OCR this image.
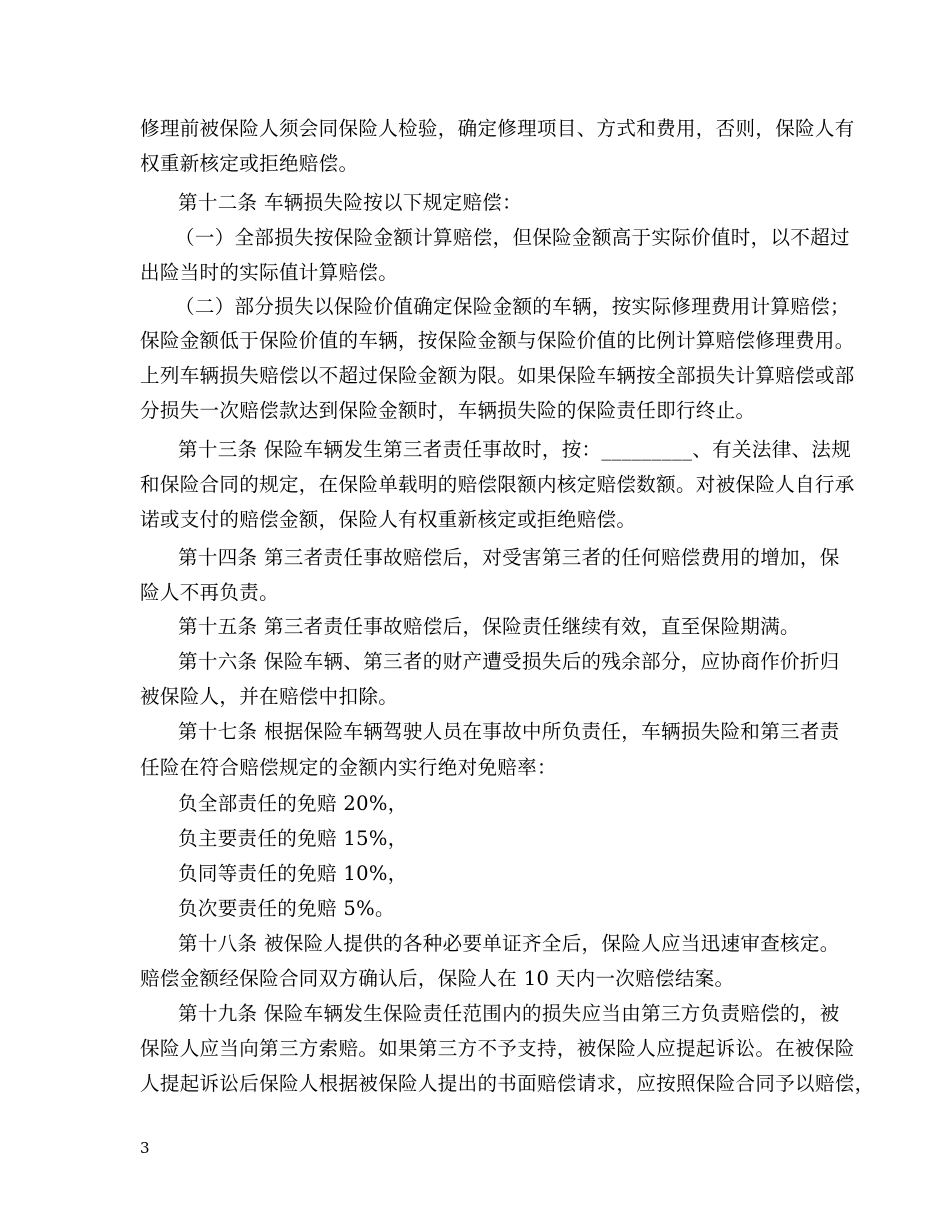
修理前被保险人须会同保险人检验，确定修理项目、方式和费用，否则，保险人有
权重新核定或拒绝赔偿。
第十二条 车辆损失险按以下规定赔偿：
（一）全部损失按保险金额计算赔偿，但保险金额高于实际价值时，以不超过
出险当时的实际值计算赔偿。
（二）部分损失以保险价值确定保险金额的车辆，按实际修理费用计算赔偿；
保险金额低于保险价值的车辆，按保险金额与保险价值的比例计算赔偿修理费用。
上列车辆损失赔偿以不超过保险金额为限。如果保险车辆按全部损失计算赔偿或部
分损失一次赔偿款达到保险金额时，车辆损失险的保险责任即行终止。
第十三条 保险车辆发生第三者责任事故时，按：_________、有关法律、法规
和保险合同的规定，在保险单载明的赔偿限额内核定赔偿数额。对被保险人自行承
诺或支付的赔偿金额，保险人有权重新核定或拒绝赔偿。
第十四条 第三者责任事故赔偿后，对受害第三者的任何赔偿费用的增加，保
险人不再负责。
第十五条 第三者责任事故赔偿后，保险责任继续有效，直至保险期满。
第十六条 保险车辆、第三者的财产遭受损失后的残余部分，应协商作价折归
被保险人，并在赔偿中扣除。
第十七条 根据保险车辆驾驶人员在事故中所负责任，车辆损失险和第三者责
任险在符合赔偿规定的金额内实行绝对免赔率：
负全部责任的免赔 20%，
负主要责任的免赔 15%，
负同等责任的免赔 10%，
负次要责任的免赔 5%。
第十八条 被保险人提供的各种必要单证齐全后，保险人应当迅速审查核定。
赔偿金额经保险合同双方确认后，保险人在 10 天内一次赔偿结案。
第十九条 保险车辆发生保险责任范围内的损失应当由第三方负责赔偿的，被
保险人应当向第三方索赔。如果第三方不予支持，被保险人应提起诉讼。在被保险
人提起诉讼后保险人根据被保险人提出的书面赔偿请求，应按照保险合同予以赔偿，
3
